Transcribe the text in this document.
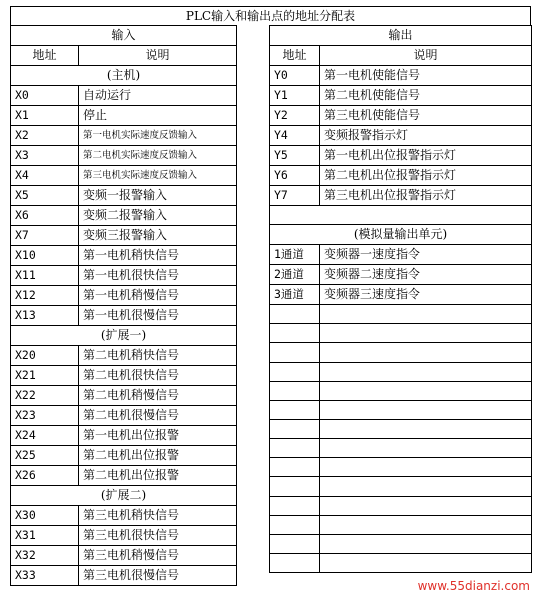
PLC输入和输出点的地址分配表
输入	
地址	说明
(主机)	
X0	自动运行
X1	停止
X2	第一电机实际速度反馈输入
X3	第二电机实际速度反馈输入
X4	第三电机实际速度反馈输入
X5	变频一报警输入
X6	变频二报警输入
X7	变频三报警输入
X10	第一电机稍快信号
X11	第一电机很快信号
X12	第一电机稍慢信号
X13	第一电机很慢信号
(扩展一)	
X20	第二电机稍快信号
X21	第二电机很快信号
X22	第二电机稍慢信号
X23	第二电机很慢信号
X24	第一电机出位报警
X25	第二电机出位报警
X26	第二电机出位报警
(扩展二)	
X30	第三电机稍快信号
X31	第三电机很快信号
X32	第三电机稍慢信号
X33	第三电机很慢信号
输出	
地址	说明
Y0	第一电机使能信号
Y1	第二电机使能信号
Y2	第三电机使能信号
Y4	变频报警指示灯
Y5	第一电机出位报警指示灯
Y6	第二电机出位报警指示灯
Y7	第三电机出位报警指示灯

(模拟量输出单元)	
1通道	变频器一速度指令
2通道	变频器二速度指令
3通道	变频器三速度指令

www.55dianzi.com
